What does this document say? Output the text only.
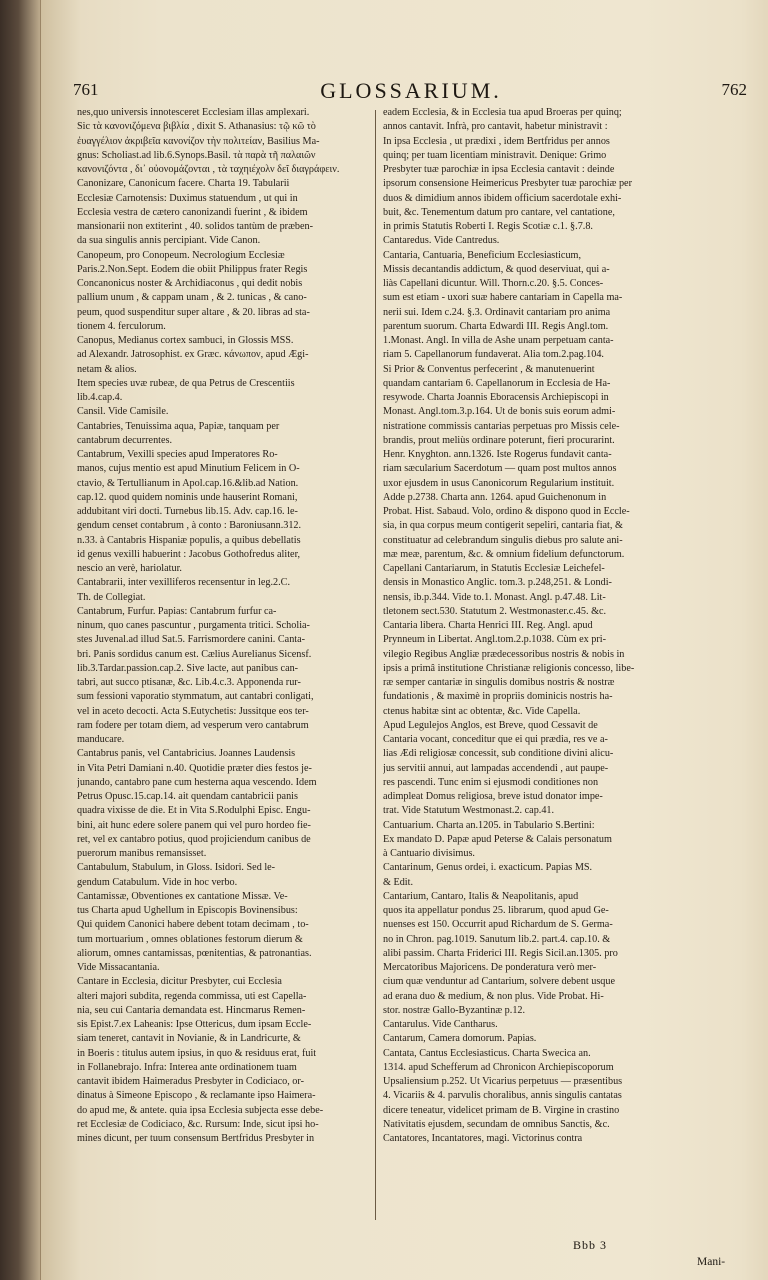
761	GLOSSARIUM.	762
nes,quo universis innotesceret Ecclesiam illas amplexari.
Sic τὰ κανονιζόμενα βιβλία , dixit S. Athanasius: τῷ κῶ τὸ
ἐυαγγέλιον ἀκριβεῖα κανονίζον τὴν πολιτείαν, Basilius Ma-
gnus: Scholiast.ad lib.6.Synops.Basil. τὰ παρὰ τῆ παλαιῶν
κανονιζόντα , δι᾽ οὐονομάζονται , τὰ ταχηιέχολν δεῖ διαγράφειν.
Canonizare, Canonicum facere. Charta 19. Tabularii
Ecclesiæ Carnotensis: Duximus statuendum , ut qui in
Ecclesia vestra de cætero canonizandi fuerint , & ibidem
mansionarii non extiterint , 40. solidos tantùm de præben-
da sua singulis annis percipiant. Vide Canon.
Canopeum, pro Conopeum. Necrologium Ecclesiæ
Paris.2.Non.Sept. Eodem die obiit Philippus frater Regis
Concanonicus noster & Archidiaconus , qui dedit nobis
pallium unum , & cappam unam , & 2. tunicas , & cano-
peum, quod suspenditur super altare , & 20. libras ad sta-
tionem 4. ferculorum.
Canopus, Medianus cortex sambuci, in Glossis MSS.
ad Alexandr. Jatrosophist. ex Græc. κάνωπον, apud Ægi-
netam & alios.
Item species uvæ rubeæ, de qua Petrus de Crescentiis
lib.4.cap.4.
Cansil. Vide Camisile.
Cantabries, Tenuissima aqua, Papiæ, tanquam per
cantabrum decurrentes.
Cantabrum, Vexilli species apud Imperatores Ro-
manos, cujus mentio est apud Minutium Felicem in O-
ctavio, & Tertullianum in Apol.cap.16.&lib.ad Nation.
cap.12. quod quidem nominis unde hauserint Romani,
addubitant viri docti. Turnebus lib.15. Adv. cap.16. le-
gendum censet contabrum , à conto : Baroniusann.312.
n.33. à Cantabris Hispaniæ populis, a quibus debellatis
id genus vexilli habuerint : Jacobus Gothofredus aliter,
nescio an verè, hariolatur.
Cantabrarii, inter vexilliferos recensentur in leg.2.C.
Th. de Collegiat.
Cantabrum, Furfur. Papias: Cantabrum furfur ca-
ninum, quo canes pascuntur , purgamenta tritici. Scholia-
stes Juvenal.ad illud Sat.5. Farrismordere canini. Canta-
bri. Panis sordidus canum est. Cælius Aurelianus Sicensf.
lib.3.Tardar.passion.cap.2. Sive lacte, aut panibus can-
tabri, aut succo ptisanæ, &c. Lib.4.c.3. Apponenda rur-
sum fessioni vaporatio stymmatum, aut cantabri conligati,
vel in aceto decocti. Acta S.Eutychetis: Jussitque eos ter-
ram fodere per totam diem, ad vesperum vero cantabrum
manducare.
Cantabrus panis, vel Cantabricius. Joannes Laudensis
in Vita Petri Damiani n.40. Quotidie præter dies festos je-
junando, cantabro pane cum hesterna aqua vescendo. Idem
Petrus Opusc.15.cap.14. ait quendam cantabricii panis
quadra vixisse de die. Et in Vita S.Rodulphi Episc. Engu-
bini, ait hunc edere solere panem qui vel puro hordeo fie-
ret, vel ex cantabro potius, quod projiciendum canibus de
puerorum manibus remansisset.
Cantabulum, Stabulum, in Gloss. Isidori. Sed le-
gendum Catabulum. Vide in hoc verbo.
Cantamissæ, Obventiones ex cantatione Missæ. Ve-
tus Charta apud Ughellum in Episcopis Bovinensibus:
Qui quidem Canonici habere debent totam decimam , to-
tum mortuarium , omnes oblationes festorum dierum &
aliorum, omnes cantamissas, pœnitentias, & patronantias.
Vide Missacantania.
Cantare in Ecclesia, dicitur Presbyter, cui Ecclesia
alteri majori subdita, regenda commissa, uti est Capella-
nia, seu cui Cantaria demandata est. Hincmarus Remen-
sis Epist.7.ex Laheanis: Ipse Ottericus, dum ipsam Eccle-
siam teneret, cantavit in Novianie, & in Landricurte, &
in Boeris : titulus autem ipsius, in quo & residuus erat, fuit
in Follanebrajo. Infra: Interea ante ordinationem tuam
cantavit ibidem Haimeradus Presbyter in Codiciaco, or-
dinatus à Simeone Episcopo , & reclamante ipso Haimera-
do apud me, & antete. quia ipsa Ecclesia subjecta esse debe-
ret Ecclesiæ de Codiciaco, &c. Rursum: Inde, sicut ipsi ho-
mines dicunt, per tuum consensum Bertfridus Presbyter in
eadem Ecclesia, & in Ecclesia tua apud Broeras per quinq;
annos cantavit. Infrà, pro cantavit, habetur ministravit :
In ipsa Ecclesia , ut prædixi , idem Bertfridus per annos
quinq; per tuam licentiam ministravit. Denique: Grimo
Presbyter tuæ parochiæ in ipsa Ecclesia cantavit : deinde
ipsorum consensione Heimericus Presbyter tuæ parochiæ per
duos & dimidium annos ibidem officium sacerdotale exhi-
buit, &c. Tenementum datum pro cantare, vel cantatione,
in primis Statutis Roberti I. Regis Scotiæ c.1. §.7.8.
Cantaredus. Vide Cantredus.
Cantaria, Cantuaria, Beneficium Ecclesiasticum,
Missis decantandis addictum, & quod deserviuat, qui a-
liàs Capellani dicuntur. Will. Thorn.c.20. §.5. Conces-
sum est etiam - uxori suæ habere cantariam in Capella ma-
nerii sui. Idem c.24. §.3. Ordinavit cantariam pro anima
parentum suorum. Charta Edwardi III. Regis Angl.tom.
1.Monast. Angl. In villa de Ashe unam perpetuam canta-
riam 5. Capellanorum fundaverat. Alia tom.2.pag.104.
Si Prior & Conventus perfecerint , & manutenuerint
quandam cantariam 6. Capellanorum in Ecclesia de Ha-
resywode. Charta Joannis Eboracensis Archiepiscopi in
Monast. Angl.tom.3.p.164. Ut de bonis suis eorum admi-
nistratione commissis cantarias perpetuas pro Missis cele-
brandis, prout meliùs ordinare poterunt, fieri procurarint.
Henr. Knyghton. ann.1326. Iste Rogerus fundavit canta-
riam sæcularium Sacerdotum — quam post multos annos
uxor ejusdem in usus Canonicorum Regularium instituit.
Adde p.2738. Charta ann. 1264. apud Guichenonum in
Probat. Hist. Sabaud. Volo, ordino & dispono quod in Eccle-
sia, in qua corpus meum contigerit sepeliri, cantaria fiat, &
constituatur ad celebrandum singulis diebus pro salute ani-
mæ meæ, parentum, &c. & omnium fidelium defunctorum.
Capellani Cantariarum, in Statutis Ecclesiæ Leichefel-
densis in Monastico Anglic. tom.3. p.248,251. & Londi-
nensis, ib.p.344. Vide to.1. Monast. Angl. p.47.48. Lit-
tletonem sect.530. Statutum 2. Westmonaster.c.45. &c.
Cantaria libera. Charta Henrici III. Reg. Angl. apud
Prynneum in Libertat. Angl.tom.2.p.1038. Cùm ex pri-
vilegio Regibus Angliæ prædecessoribus nostris & nobis in
ipsis a primâ institutione Christianæ religionis concesso, libe-
ræ semper cantariæ in singulis domibus nostris & nostræ
fundationis , & maximè in propriis dominicis nostris ha-
ctenus habitæ sint ac obtentæ, &c. Vide Capella.
Apud Legulejos Anglos, est Breve, quod Cessavit de
Cantaria vocant, conceditur que ei qui prædia, res ve a-
lias Ædi religiosæ concessit, sub conditione divini alicu-
jus servitii annui, aut lampadas accendendi , aut paupe-
res pascendi. Tunc enim si ejusmodi conditiones non
adimpleat Domus religiosa, breve istud donator impe-
trat. Vide Statutum Westmonast.2. cap.41.
Cantuarium. Charta an.1205. in Tabulario S.Bertini:
Ex mandato D. Papæ apud Peterse & Calais personatum
à Cantuario divisimus.
Cantarinum, Genus ordei, i. exacticum. Papias MS.
& Edit.
Cantarium, Cantaro, Italis & Neapolitanis, apud
quos ita appellatur pondus 25. librarum, quod apud Ge-
nuenses est 150. Occurrit apud Richardum de S. Germa-
no in Chron. pag.1019. Sanutum lib.2. part.4. cap.10. &
alibi passim. Charta Friderici III. Regis Sicil.an.1305. pro
Mercatoribus Majoricens. De ponderatura verò mer-
cium quæ venduntur ad Cantarium, solvere debent usque
ad erana duo & medium, & non plus. Vide Probat. Hi-
stor. nostræ Gallo-Byzantinæ p.12.
Cantarulus. Vide Cantharus.
Cantarum, Camera domorum. Papias.
Cantata, Cantus Ecclesiasticus. Charta Swecica an.
1314. apud Schefferum ad Chronicon Archiepiscoporum
Upsaliensium p.252. Ut Vicarius perpetuus — præsentibus
4. Vicariis & 4. parvulis choralibus, annis singulis cantatas
dicere teneatur, videlicet primam de B. Virgine in crastino
Nativitatis ejusdem, secundam de omnibus Sanctis, &c.
Cantatores, Incantatores, magi. Victorinus contra
Bbb 3
Mani-
